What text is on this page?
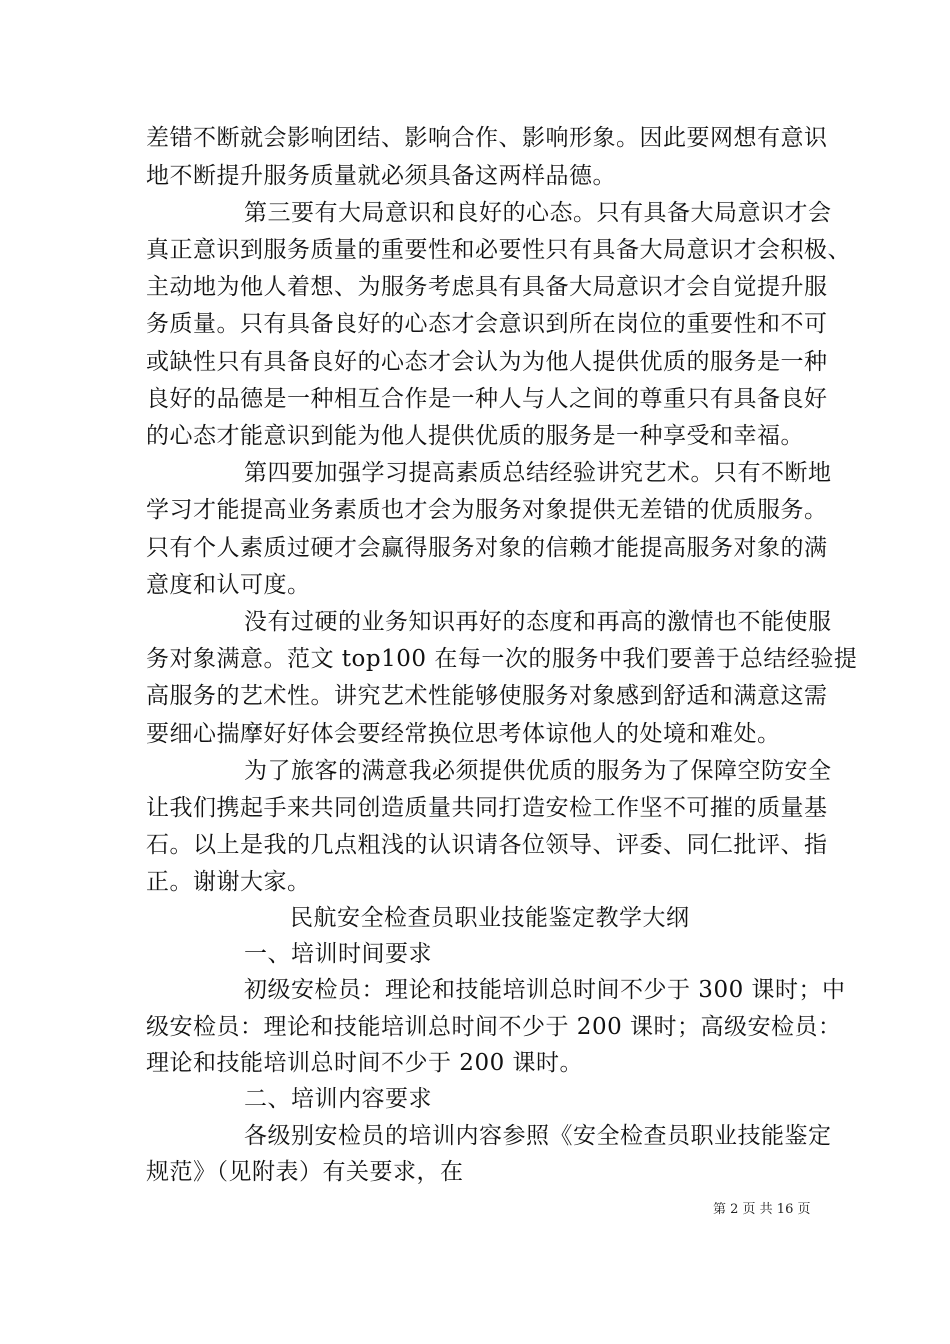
差错不断就会影响团结、影响合作、影响形象。因此要网想有意识
地不断提升服务质量就必须具备这两样品德。
第三要有大局意识和良好的心态。只有具备大局意识才会
真正意识到服务质量的重要性和必要性只有具备大局意识才会积极、
主动地为他人着想、为服务考虑具有具备大局意识才会自觉提升服
务质量。只有具备良好的心态才会意识到所在岗位的重要性和不可
或缺性只有具备良好的心态才会认为为他人提供优质的服务是一种
良好的品德是一种相互合作是一种人与人之间的尊重只有具备良好
的心态才能意识到能为他人提供优质的服务是一种享受和幸福。
第四要加强学习提高素质总结经验讲究艺术。只有不断地
学习才能提高业务素质也才会为服务对象提供无差错的优质服务。
只有个人素质过硬才会赢得服务对象的信赖才能提高服务对象的满
意度和认可度。
没有过硬的业务知识再好的态度和再高的激情也不能使服
务对象满意。范文 top100 在每一次的服务中我们要善于总结经验提
高服务的艺术性。讲究艺术性能够使服务对象感到舒适和满意这需
要细心揣摩好好体会要经常换位思考体谅他人的处境和难处。
为了旅客的满意我必须提供优质的服务为了保障空防安全
让我们携起手来共同创造质量共同打造安检工作坚不可摧的质量基
石。以上是我的几点粗浅的认识请各位领导、评委、同仁批评、指
正。谢谢大家。
民航安全检查员职业技能鉴定教学大纲
一、培训时间要求
初级安检员：理论和技能培训总时间不少于 300 课时；中
级安检员：理论和技能培训总时间不少于 200 课时；高级安检员：
理论和技能培训总时间不少于 200 课时。
二、培训内容要求
各级别安检员的培训内容参照《安全检查员职业技能鉴定
规范》（见附表）有关要求，在
第 2 页 共 16 页
